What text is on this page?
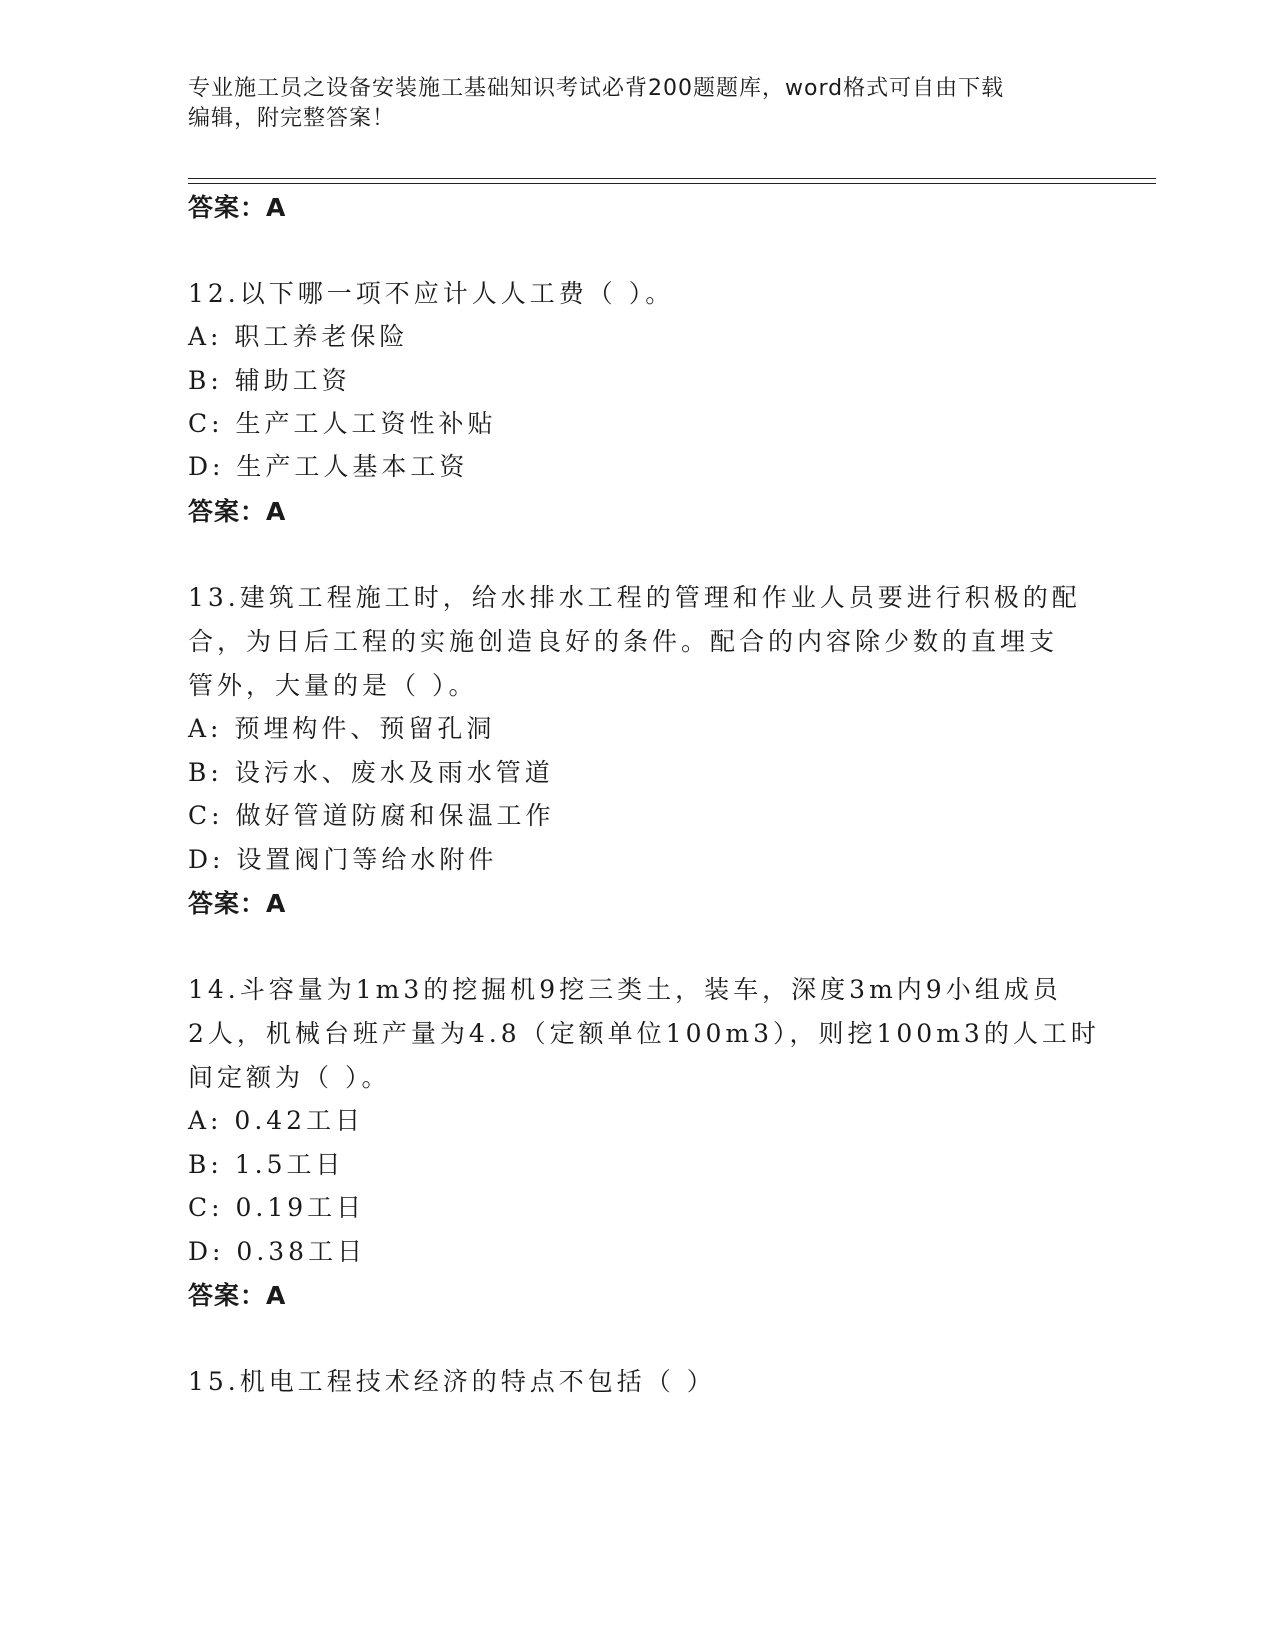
专业施工员之设备安装施工基础知识考试必背200题题库，word格式可自由下载
编辑，附完整答案！
答案：A
12.以下哪一项不应计人人工费（ ）。
A: 职工养老保险
B: 辅助工资
C: 生产工人工资性补贴
D: 生产工人基本工资
答案：A
13.建筑工程施工时，给水排水工程的管理和作业人员要进行积极的配
合，为日后工程的实施创造良好的条件。配合的内容除少数的直埋支
管外，大量的是（ ）。
A: 预埋构件、预留孔洞
B: 设污水、废水及雨水管道
C: 做好管道防腐和保温工作
D: 设置阀门等给水附件
答案：A
14.斗容量为1m3的挖掘机9挖三类土，装车，深度3m内9小组成员
2人，机械台班产量为4.8（定额单位100m3），则挖100m3的人工时
间定额为（ ）。
A: 0.42工日
B: 1.5工日
C: 0.19工日
D: 0.38工日
答案：A
15.机电工程技术经济的特点不包括（ ）
